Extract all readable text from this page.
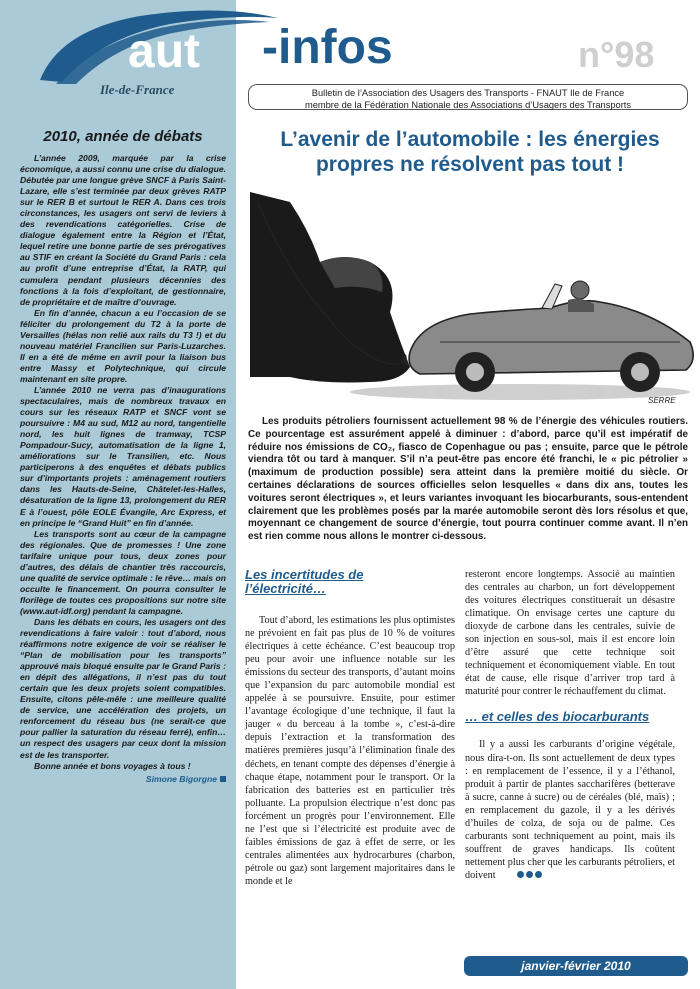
2010, année de débats

L’année 2009, marquée par la crise économique, a aussi connu une crise du dialogue. Débutée par une longue grève SNCF à Paris Saint-Lazare, elle s’est terminée par deux grèves RATP sur le RER B et surtout le RER A. Dans ces trois circonstances, les usagers ont servi de leviers à des revendications catégorielles. Crise de dialogue également entre la Région et l’État, lequel retire une bonne partie de ses prérogatives au STIF en créant la Société du Grand Paris : cela au profit d’une entreprise d’État, la RATP, qui cumulera pendant plusieurs décennies des fonctions à la fois d’exploitant, de gestionnaire, de propriétaire et de maître d’ouvrage.

En fin d’année, chacun a eu l’occasion de se féliciter du prolongement du T2 à la porte de Versailles (hélas non relié aux rails du T3 !) et du nouveau matériel Francilien sur Paris-Luzarches. Il en a été de même en avril pour la liaison bus entre Massy et Polytechnique, qui circule maintenant en site propre.

L’année 2010 ne verra pas d’inaugurations spectaculaires, mais de nombreux travaux en cours sur les réseaux RATP et SNCF vont se poursuivre : M4 au sud, M12 au nord, tangentielle nord, les huit lignes de tramway, TCSP Pompadour-Sucy, automatisation de la ligne 1, améliorations sur le Transilien, etc. Nous participerons à des enquêtes et débats publics sur d’importants projets : aménagement routiers dans les Hauts-de-Seine, Châtelet-les-Halles, désaturation de la ligne 13, prolongement du RER E à l’ouest, pôle EOLE Évangile, Arc Express, et en principe le “Grand Huit” en fin d’année.

Les transports sont au cœur de la campagne des régionales. Que de promesses ! Une zone tarifaire unique pour tous, deux zones pour d’autres, des délais de chantier très raccourcis, une qualité de service optimale : le rêve… mais on occulte le financement. On pourra consulter le florilège de toutes ces propositions sur notre site (www.aut-idf.org) pendant la campagne.

Dans les débats en cours, les usagers ont des revendications à faire valoir : tout d’abord, nous réaffirmons notre exigence de voir se réaliser le “Plan de mobilisation pour les transports” approuvé mais bloqué ensuite par le Grand Paris : en dépit des allégations, il n’est pas du tout certain que les deux projets soient compatibles. Ensuite, citons pêle-mêle : une meilleure qualité de service, une accélération des projets, un renforcement du réseau bus (ne serait-ce que pour pallier la saturation du réseau ferré), enfin… un respect des usagers par ceux dont la mission est de les transporter.

Bonne année et bons voyages à tous !

Simone Bigorgne
aut -infos
Ile-de-France
n°98
Bulletin de l’Association des Usagers des Transports - FNAUT Ile de France
membre de la Fédération Nationale des Associations d’Usagers des Transports
L’avenir de l’automobile : les énergies
propres ne résolvent pas tout !
SERRE

Les produits pétroliers fournissent actuellement 98 % de l’énergie des véhicules routiers. Ce pourcentage est assurément appelé à diminuer : d’abord, parce qu’il est impératif de réduire nos émissions de CO₂, fiasco de Copenhague ou pas ; ensuite, parce que le pétrole viendra tôt ou tard à manquer. S’il n’a peut-être pas encore été franchi, le « pic pétrolier » (maximum de production possible) sera atteint dans la première moitié du siècle. Or certaines déclarations de sources officielles selon lesquelles « dans dix ans, toutes les voitures seront électriques », et leurs variantes invoquant les biocarburants, sous-entendent clairement que les problèmes posés par la marée automobile seront dès lors résolus et que, moyennant ce changement de source d’énergie, tout pourra continuer comme avant. Il n’en est rien comme nous allons le montrer ci-dessous.

Les incertitudes de
l’électricité…

Tout d’abord, les estimations les plus optimistes ne prévoient en fait pas plus de 10 % de voitures électriques à cette échéance. C’est beaucoup trop peu pour avoir une influence notable sur les émissions du secteur des transports, d’autant moins que l’expansion du parc automobile mondial est appelée à se poursuivre. Ensuite, pour estimer l’avantage écologique d’une technique, il faut la jauger « du berceau à la tombe », c’est-à-dire depuis l’extraction et la transformation des matières premières jusqu’à l’élimination finale des déchets, en tenant compte des dépenses d’énergie à chaque étape, notamment pour le transport. Or la fabrication des batteries est en particulier très polluante. La propulsion électrique n’est donc pas forcément un progrès pour l’environnement. Elle ne l’est que si l’électricité est produite avec de faibles émissions de gaz à effet de serre, or les centrales alimentées aux hydrocarbures (charbon, pétrole ou gaz) sont largement majoritaires dans le monde et le

resteront encore longtemps. Associé au maintien des centrales au charbon, un fort développement des voitures électriques constituerait un désastre climatique. On envisage certes une capture du dioxyde de carbone dans les centrales, suivie de son injection en sous-sol, mais il est encore loin d’être assuré que cette technique soit techniquement et économiquement viable. En tout état de cause, elle risque d’arriver trop tard à maturité pour contrer le réchauffement du climat.

… et celles des biocarburants

Il y a aussi les carburants d’origine végétale, nous dira-t-on. Ils sont actuellement de deux types : en remplacement de l’essence, il y a l’éthanol, produit à partir de plantes saccharifères (betterave à sucre, canne à sucre) ou de céréales (blé, maïs) ; en remplacement du gazole, il y a les dérivés d’huiles de colza, de soja ou de palme. Ces carburants sont techniquement au point, mais ils souffrent de graves handicaps. Ils coûtent nettement plus cher que les carburants pétroliers, et doivent

janvier-février 2010
